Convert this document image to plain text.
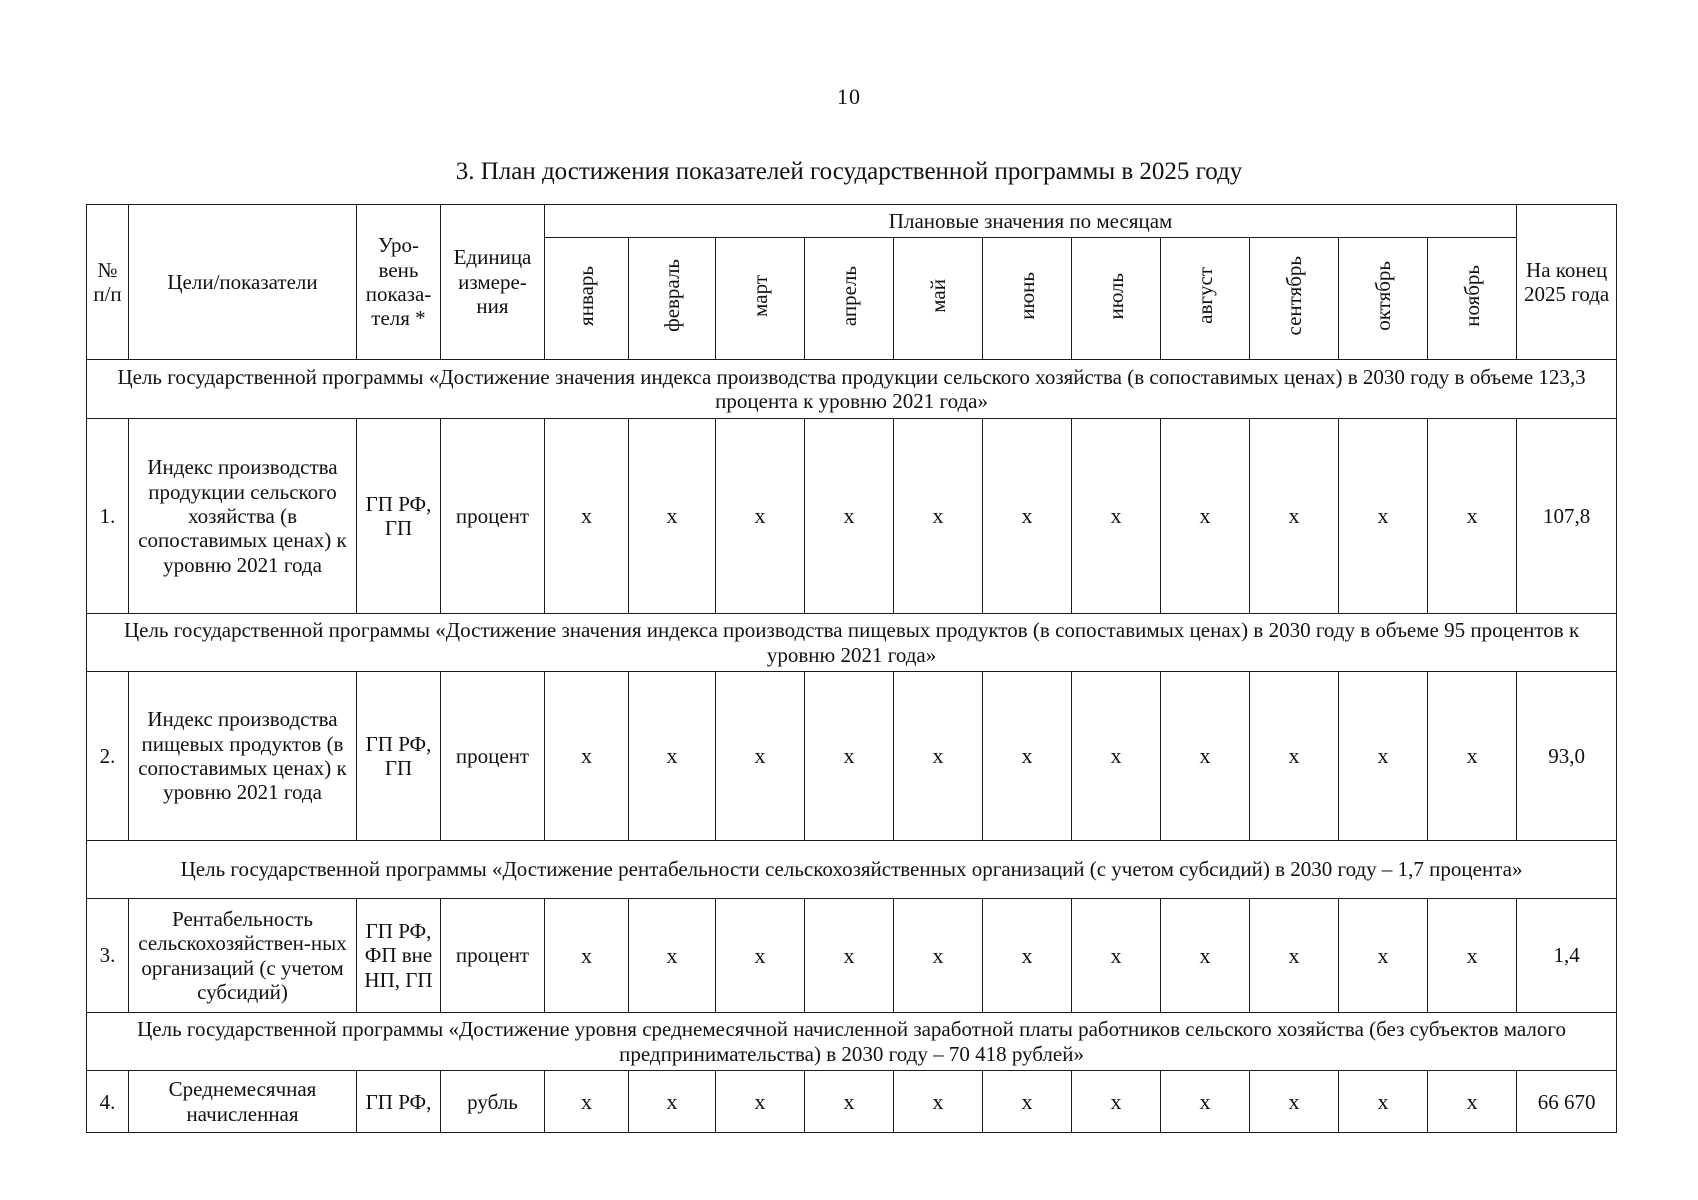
10
3. План достижения показателей государственной программы в 2025 году
№ п/п	Цели/показатели	Уро-вень показа-теля *	Единица измере-ния	Плановые значения по месяцам											На конец 2025 года
				январь	февраль	март	апрель	май	июнь	июль	август	сентябрь	октябрь	ноябрь	
Цель государственной программы «Достижение значения индекса производства продукции сельского хозяйства (в сопоставимых ценах) в 2030 году в объеме 123,3 процента к уровню 2021 года»															
1.	Индекс производства продукции сельского хозяйства (в сопоставимых ценах) к уровню 2021 года	ГП РФ, ГП	процент	x	x	x	x	x	x	x	x	x	x	x	107,8
Цель государственной программы «Достижение значения индекса производства пищевых продуктов (в сопоставимых ценах) в 2030 году в объеме 95 процентов к уровню 2021 года»															
2.	Индекс производства пищевых продуктов (в сопоставимых ценах) к уровню 2021 года	ГП РФ, ГП	процент	x	x	x	x	x	x	x	x	x	x	x	93,0
Цель государственной программы «Достижение рентабельности сельскохозяйственных организаций (с учетом субсидий) в 2030 году – 1,7 процента»															
3.	Рентабельность сельскохозяйствен-ных организаций (с учетом субсидий)	ГП РФ, ФП вне НП, ГП	процент	x	x	x	x	x	x	x	x	x	x	x	1,4
Цель государственной программы «Достижение уровня среднемесячной начисленной заработной платы работников сельского хозяйства (без субъектов малого предпринимательства) в 2030 году – 70 418 рублей»															
4.	Среднемесячная начисленная	ГП РФ,	рубль	x	x	x	x	x	x	x	x	x	x	x	66 670
